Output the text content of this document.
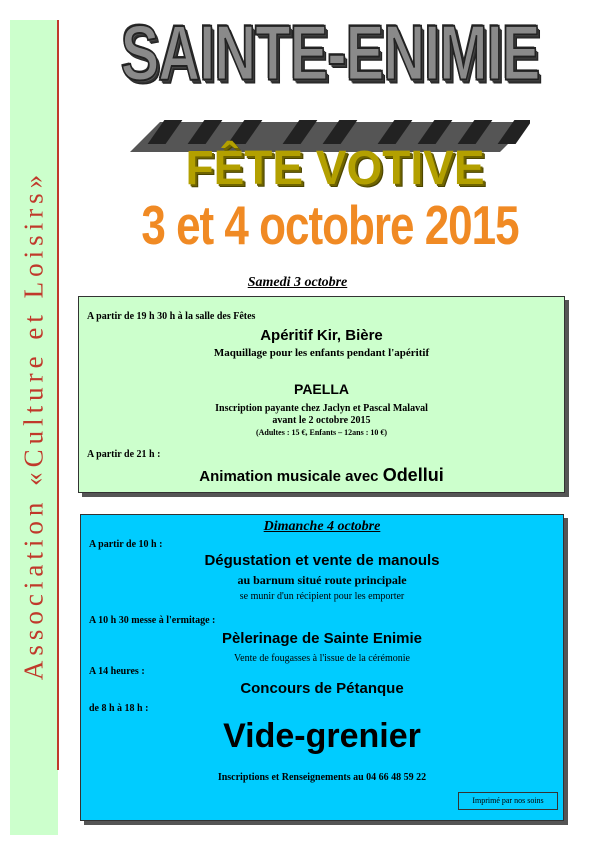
Association «Culture et Loisirs»
SAINTE-ENIMIE
FÊTE VOTIVE
3 et 4 octobre 2015
Samedi 3 octobre
A partir de 19 h 30 h à la salle des Fêtes
Apéritif Kir, Bière
Maquillage pour les enfants pendant l'apéritif
PAELLA
Inscription payante chez Jaclyn et Pascal Malaval
avant le 2 octobre 2015
(Adultes : 15 €, Enfants – 12ans : 10 €)
A partir de 21 h :
Animation musicale avec Odellui
Dimanche 4 octobre
A partir de 10 h :
Dégustation et vente de manouls
au barnum situé route principale
se munir d'un récipient pour les emporter
A 10 h 30 messe à l'ermitage :
Pèlerinage de Sainte Enimie
Vente de fougasses à l'issue de la cérémonie
A 14 heures :
Concours de Pétanque
de 8 h à 18 h :
Vide-grenier
Inscriptions et Renseignements au 04 66 48 59 22
Imprimé par nos soins
